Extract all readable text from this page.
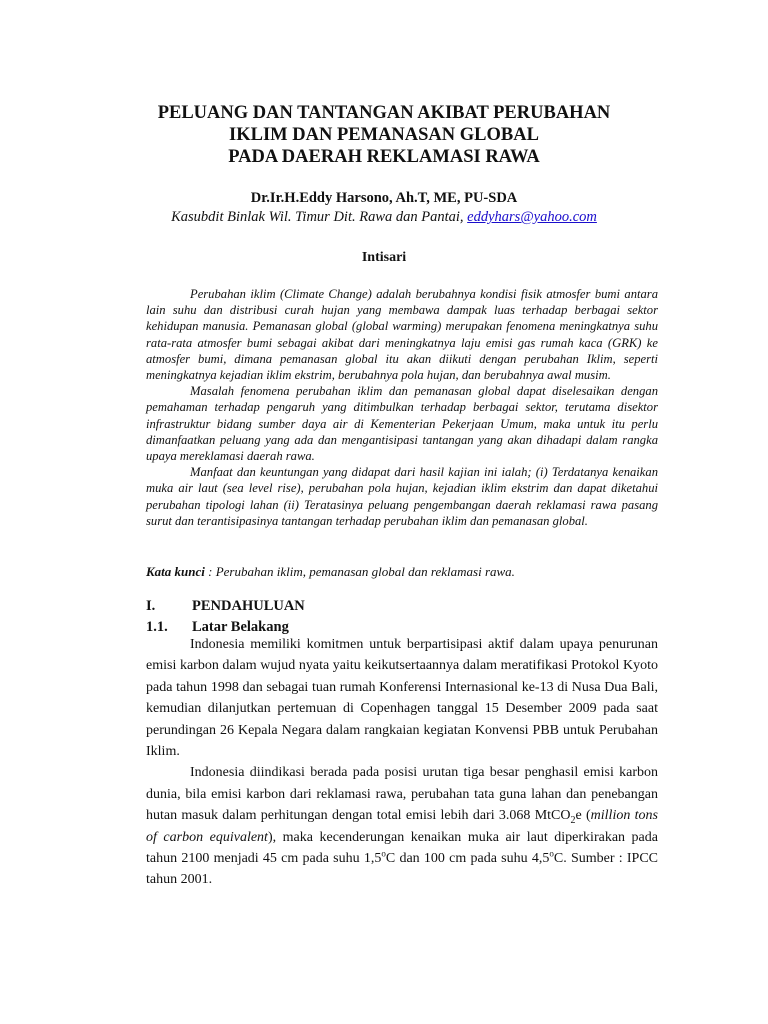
PELUANG DAN TANTANGAN AKIBAT PERUBAHAN
IKLIM DAN PEMANASAN GLOBAL
PADA DAERAH REKLAMASI RAWA
Dr.Ir.H.Eddy Harsono, Ah.T, ME, PU-SDA
Kasubdit Binlak Wil. Timur Dit. Rawa dan Pantai, eddyhars@yahoo.com
Intisari

Perubahan iklim (Climate Change) adalah berubahnya kondisi fisik atmosfer bumi antara lain suhu dan distribusi curah hujan yang membawa dampak luas terhadap berbagai sektor kehidupan manusia. Pemanasan global (global warming) merupakan fenomena meningkatnya suhu rata-rata atmosfer bumi sebagai akibat dari meningkatnya laju emisi gas rumah kaca (GRK) ke atmosfer bumi, dimana pemanasan global itu akan diikuti dengan perubahan Iklim, seperti meningkatnya kejadian iklim ekstrim, berubahnya pola hujan, dan berubahnya awal musim.

Masalah fenomena perubahan iklim dan pemanasan global dapat diselesaikan dengan pemahaman terhadap pengaruh yang ditimbulkan terhadap berbagai sektor, terutama disektor infrastruktur bidang sumber daya air di Kementerian Pekerjaan Umum, maka untuk itu perlu dimanfaatkan peluang yang ada dan mengantisipasi tantangan yang akan dihadapi dalam rangka upaya mereklamasi daerah rawa.

Manfaat dan keuntungan yang didapat dari hasil kajian ini ialah; (i) Terdatanya kenaikan muka air laut (sea level rise), perubahan pola hujan, kejadian iklim ekstrim dan dapat diketahui perubahan tipologi lahan (ii) Teratasinya peluang pengembangan daerah reklamasi rawa pasang surut dan terantisipasinya tantangan terhadap perubahan iklim dan pemanasan global.

Kata kunci : Perubahan iklim, pemanasan global dan reklamasi rawa.
I.	PENDAHULUAN
1.1. Latar Belakang

Indonesia memiliki komitmen untuk berpartisipasi aktif dalam upaya penurunan emisi karbon dalam wujud nyata yaitu keikutsertaannya dalam meratifikasi Protokol Kyoto pada tahun 1998 dan sebagai tuan rumah Konferensi Internasional ke-13 di Nusa Dua Bali, kemudian dilanjutkan pertemuan di Copenhagen tanggal 15 Desember 2009 pada saat perundingan 26 Kepala Negara dalam rangkaian kegiatan Konvensi PBB untuk Perubahan Iklim.

Indonesia diindikasi berada pada posisi urutan tiga besar penghasil emisi karbon dunia, bila emisi karbon dari reklamasi rawa, perubahan tata guna lahan dan penebangan hutan masuk dalam perhitungan dengan total emisi lebih dari 3.068 MtCO$_2$e (million tons of carbon equivalent), maka kecenderungan kenaikan muka air laut diperkirakan pada tahun 2100 menjadi 45 cm pada suhu 1,5$^o$C dan 100 cm pada suhu 4,5$^o$C. Sumber : IPCC tahun 2001.
